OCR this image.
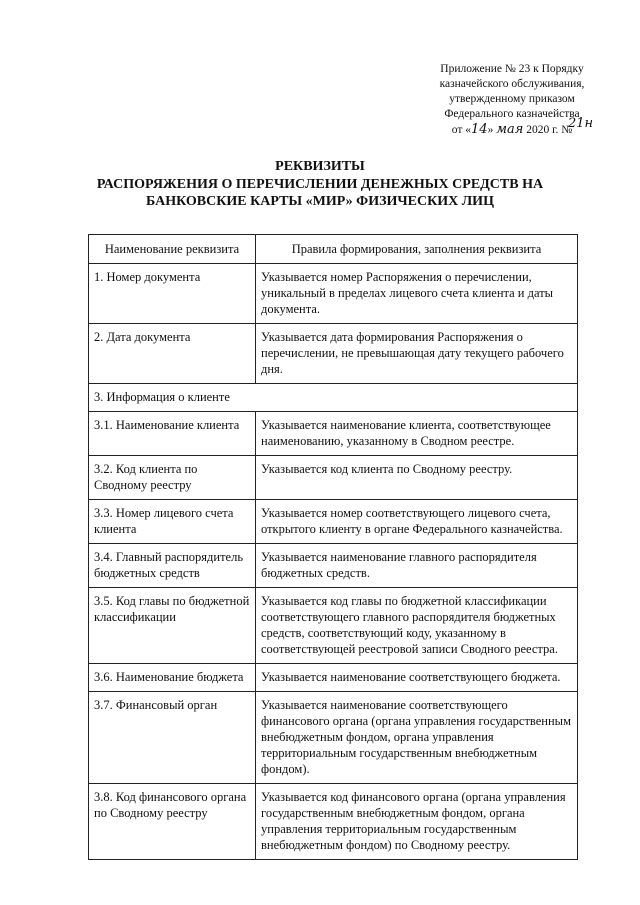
Приложение № 23 к Порядку
казначейского обслуживания,
утвержденному приказом
Федерального казначейства
от «14» мая 2020 г. №
21н
РЕКВИЗИТЫ
РАСПОРЯЖЕНИЯ О ПЕРЕЧИСЛЕНИИ ДЕНЕЖНЫХ СРЕДСТВ НА
БАНКОВСКИЕ КАРТЫ «МИР» ФИЗИЧЕСКИХ ЛИЦ
Наименование реквизита	Правила формирования, заполнения реквизита
1. Номер документа	Указывается номер Распоряжения о перечислении, уникальный в пределах лицевого счета клиента и даты документа.
2. Дата документа	Указывается дата формирования Распоряжения о перечислении, не превышающая дату текущего рабочего дня.
3. Информация о клиенте	
3.1. Наименование клиента	Указывается наименование клиента, соответствующее наименованию, указанному в Сводном реестре.
3.2. Код клиента по Сводному реестру	Указывается код клиента по Сводному реестру.
3.3. Номер лицевого счета клиента	Указывается номер соответствующего лицевого счета, открытого клиенту в органе Федерального казначейства.
3.4. Главный распорядитель бюджетных средств	Указывается наименование главного распорядителя бюджетных средств.
3.5. Код главы по бюджетной классификации	Указывается код главы по бюджетной классификации соответствующего главного распорядителя бюджетных средств, соответствующий коду, указанному в соответствующей реестровой записи Сводного реестра.
3.6. Наименование бюджета	Указывается наименование соответствующего бюджета.
3.7. Финансовый орган	Указывается наименование соответствующего финансового органа (органа управления государственным внебюджетным фондом, органа управления территориальным государственным внебюджетным фондом).
3.8. Код финансового органа по Сводному реестру	Указывается код финансового органа (органа управления государственным внебюджетным фондом, органа управления территориальным государственным внебюджетным фондом) по Сводному реестру.
